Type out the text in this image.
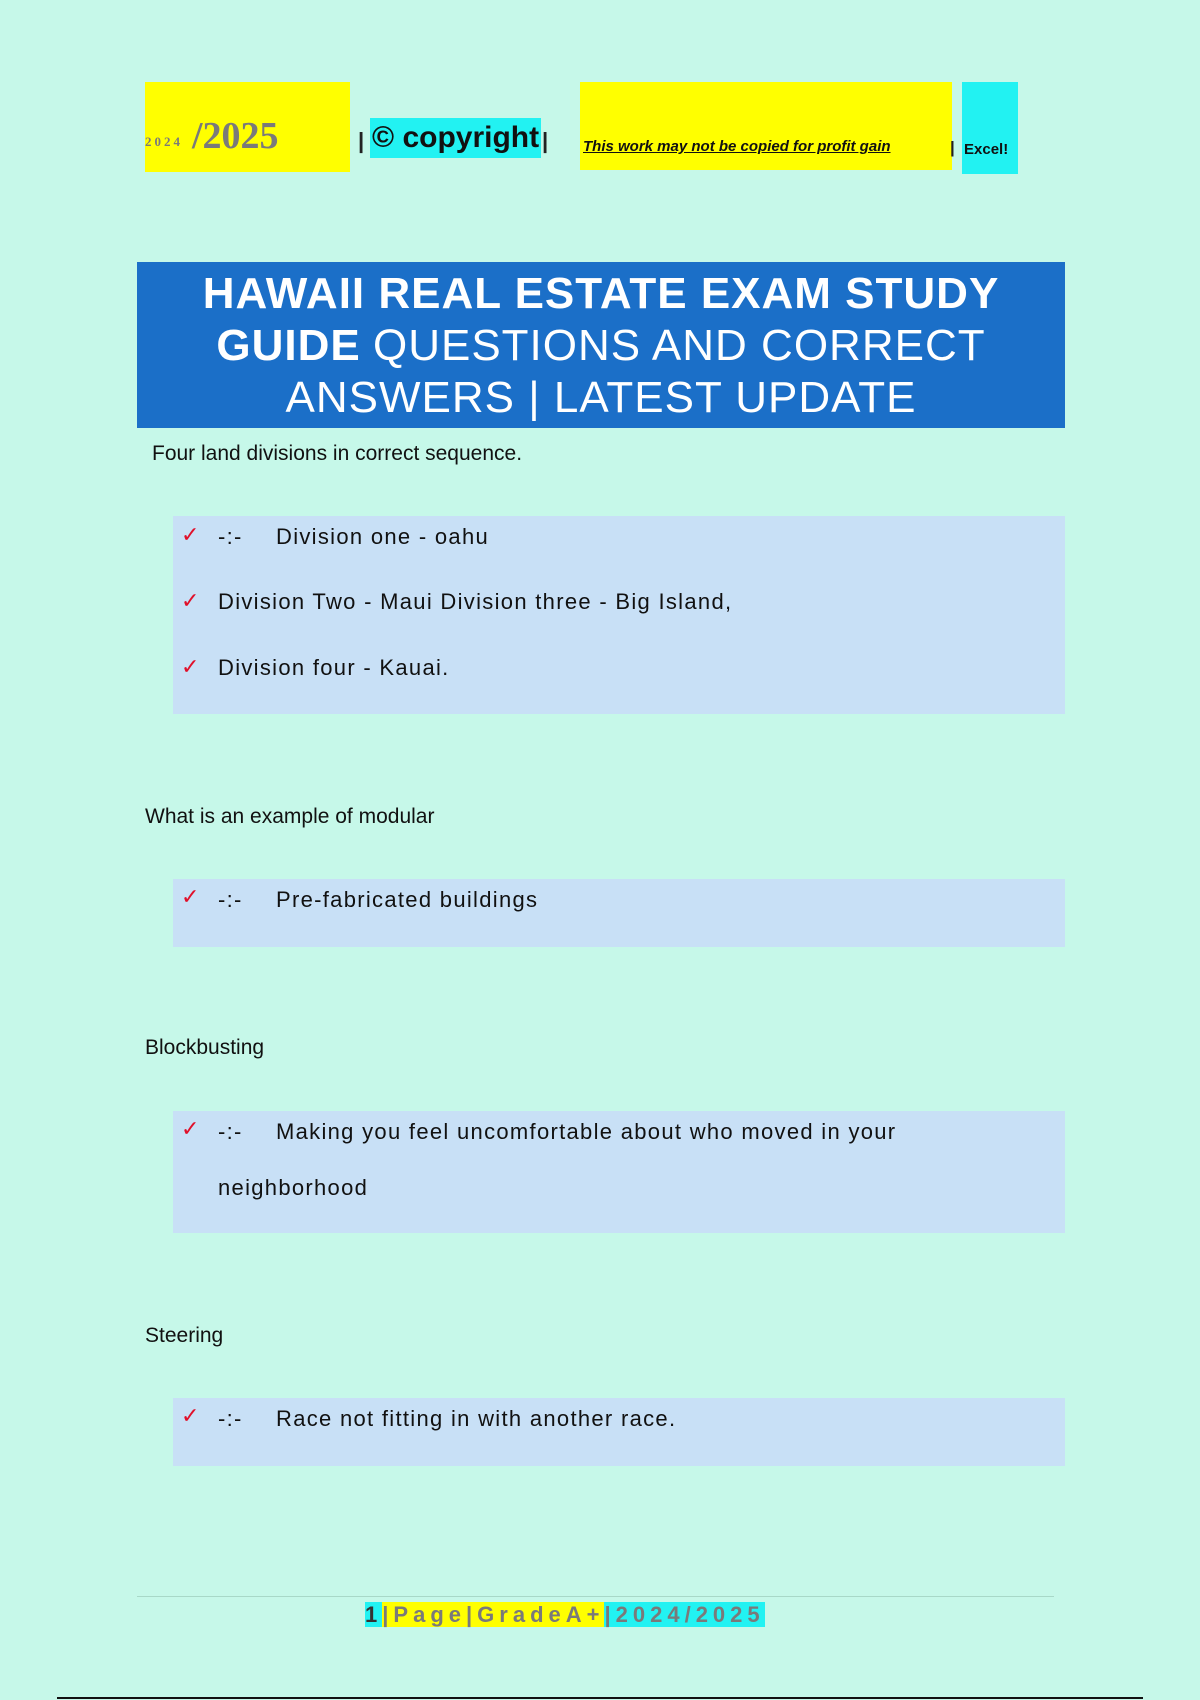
2024 /2025	| © copyright | This work may not be copied for profit gain	| Excel!
HAWAII REAL ESTATE EXAM STUDY
GUIDE QUESTIONS AND CORRECT
ANSWERS | LATEST UPDATE
Four land divisions in correct sequence.
✓ -:- Division one - oahu
✓ Division Two - Maui Division three - Big Island,
✓ Division four - Kauai.
What is an example of modular
✓ -:- Pre-fabricated buildings
Blockbusting
✓ -:- Making you feel uncomfortable about who moved in your
neighborhood
Steering
✓ -:- Race not fitting in with another race.
1|Page|GradeA+|2024/2025
